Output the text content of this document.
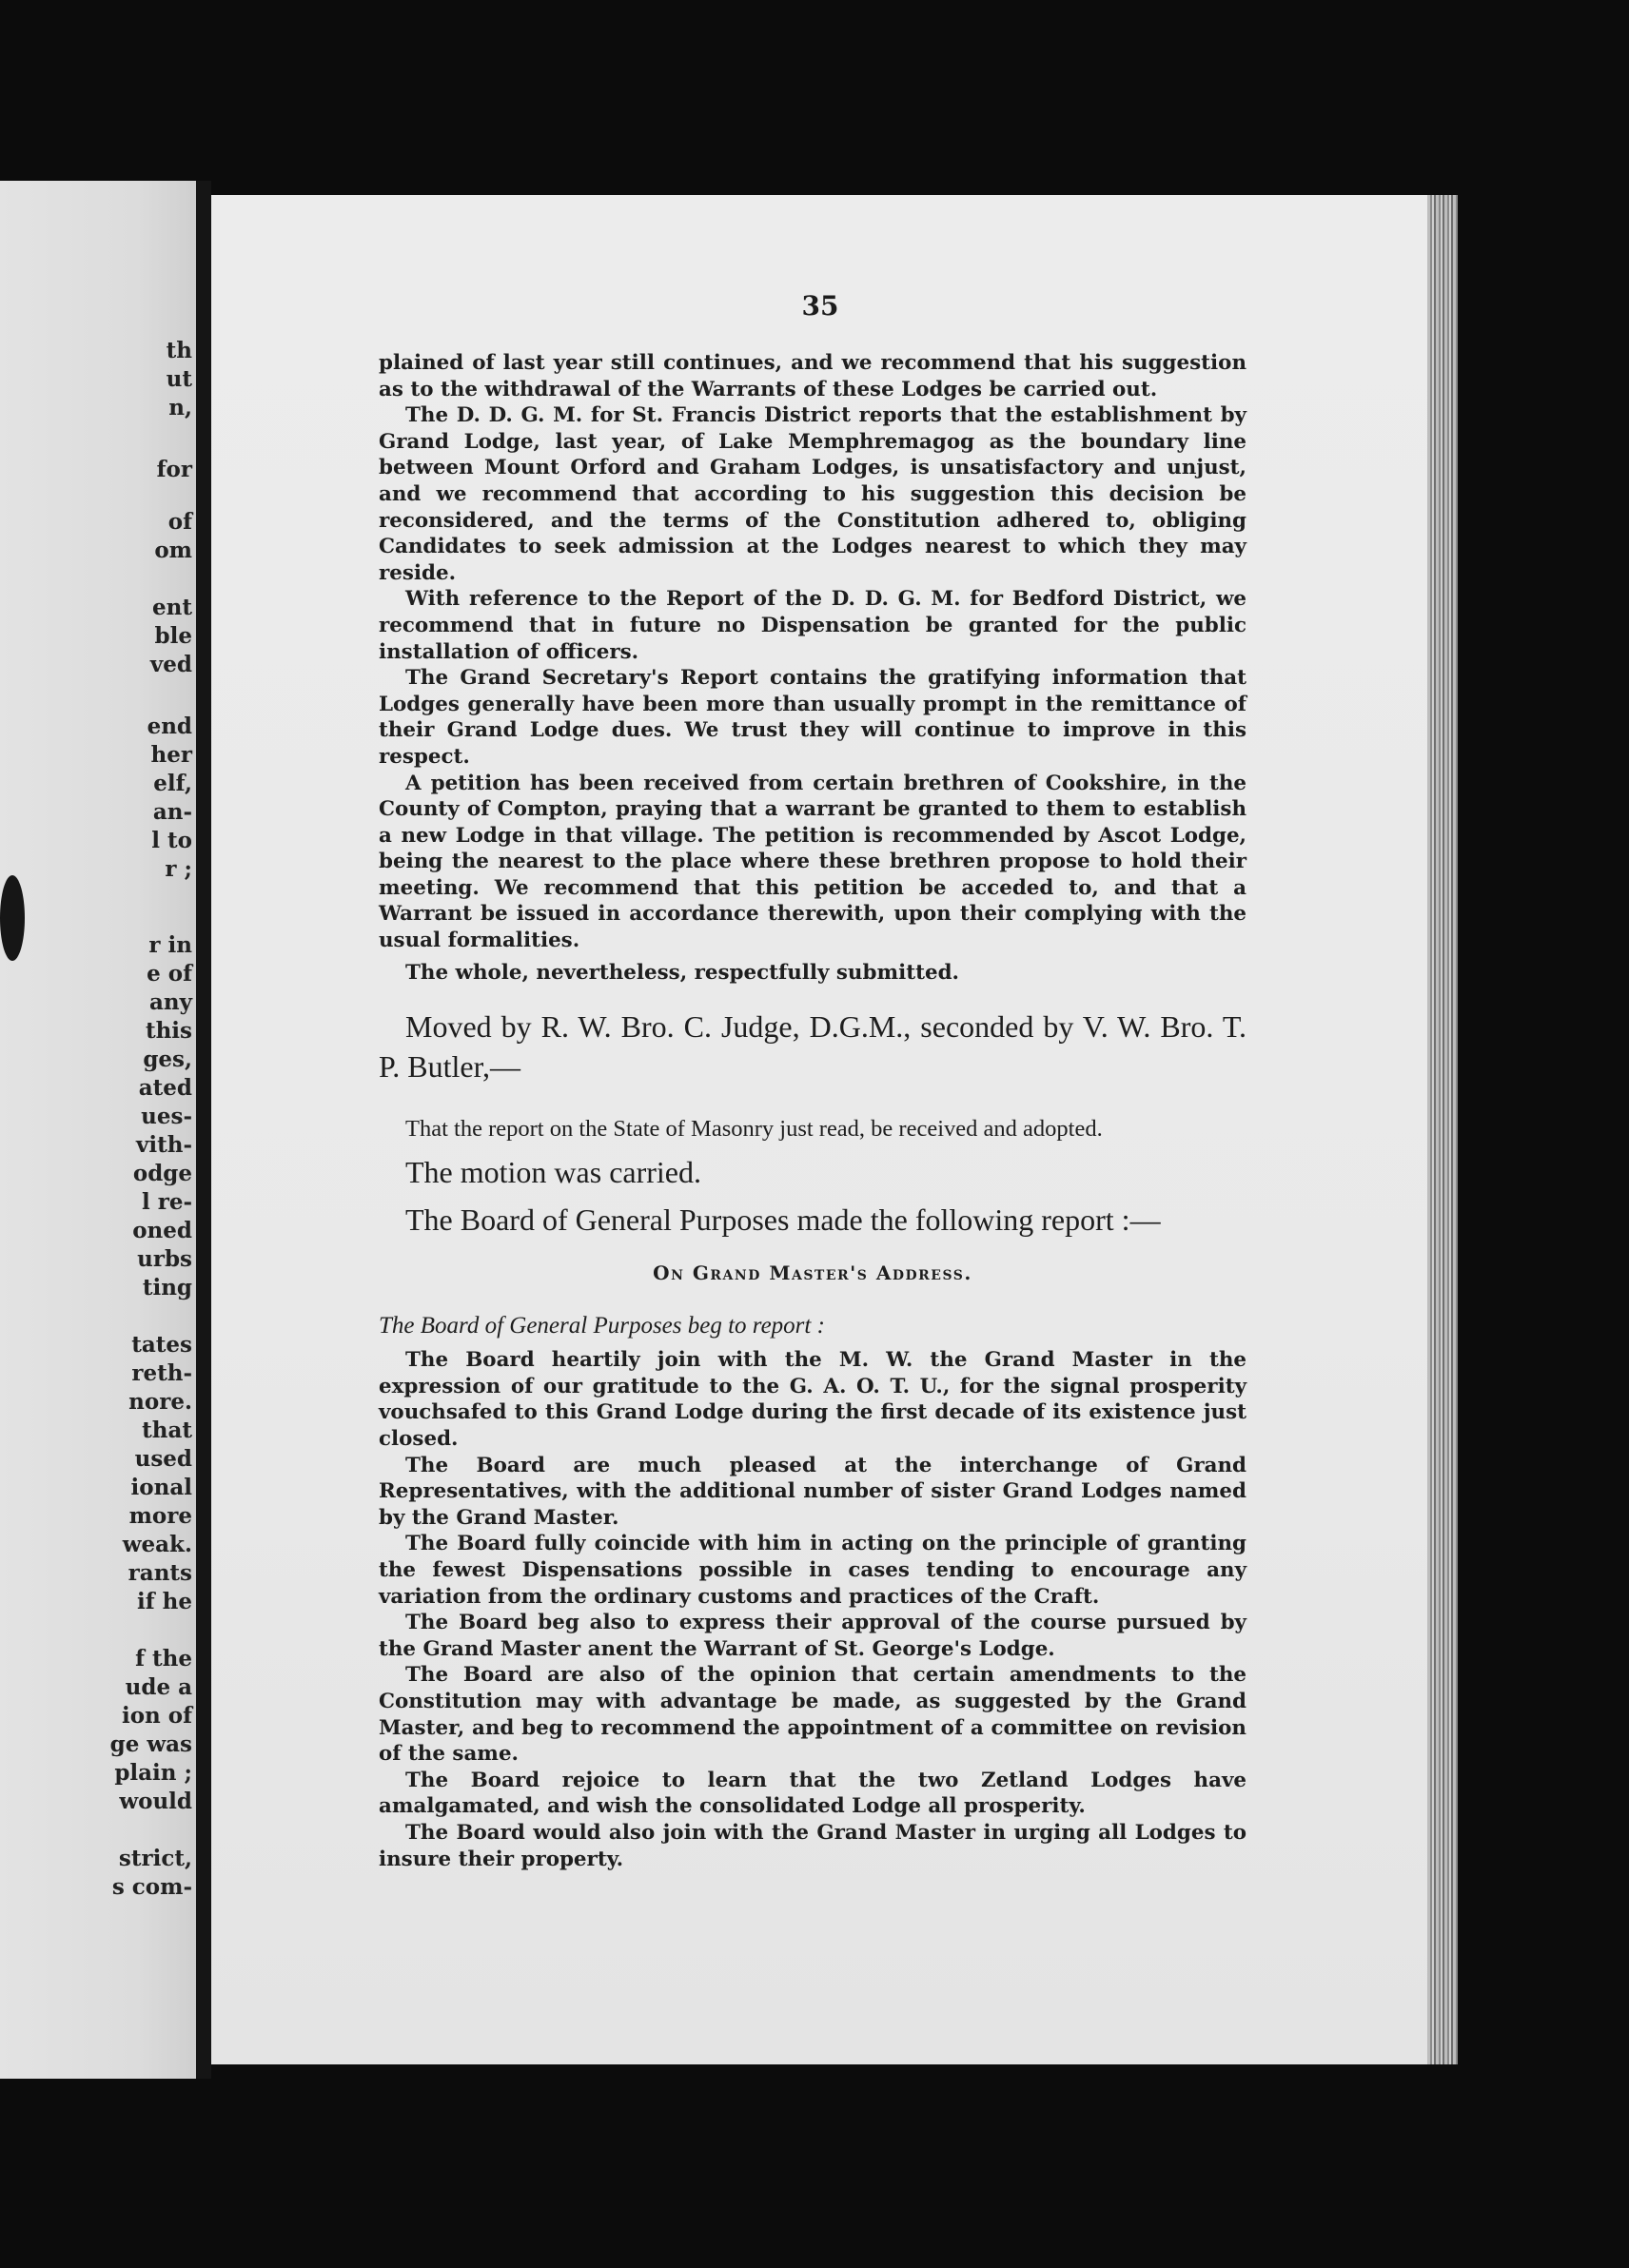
th

ut

n,

for

of

om

ent

ble

ved

end

her

elf,

an-

l to

r ;

r in

e of

any

this

ges,

ated

ues-

vith-

odge

l re-

oned

urbs

ting

tates

reth-

nore.

that

used

ional

more

weak.

rants

if he

f the

ude a

ion of

ge was

plain ;

would

strict,

s com-

35

plained of last year still continues, and we recommend that his suggestion as to the withdrawal of the Warrants of these Lodges be carried out.

The D. D. G. M. for St. Francis District reports that the establishment by Grand Lodge, last year, of Lake Memphremagog as the boundary line between Mount Orford and Graham Lodges, is unsatisfactory and unjust, and we recommend that according to his suggestion this decision be reconsidered, and the terms of the Constitution adhered to, obliging Candidates to seek admission at the Lodges nearest to which they may reside.

With reference to the Report of the D. D. G. M. for Bedford District, we recommend that in future no Dispensation be granted for the public installation of officers.

The Grand Secretary's Report contains the gratifying information that Lodges generally have been more than usually prompt in the remittance of their Grand Lodge dues. We trust they will continue to improve in this respect.

A petition has been received from certain brethren of Cookshire, in the County of Compton, praying that a warrant be granted to them to establish a new Lodge in that village. The petition is recommended by Ascot Lodge, being the nearest to the place where these brethren propose to hold their meeting. We recommend that this petition be acceded to, and that a Warrant be issued in accordance therewith, upon their complying with the usual formalities.

The whole, nevertheless, respectfully submitted.

Moved by R. W. Bro. C. Judge, D.G.M., seconded by V. W. Bro. T. P. Butler,—

That the report on the State of Masonry just read, be received and adopted.

The motion was carried.

The Board of General Purposes made the following report :—

On Grand Master's Address.

The Board of General Purposes beg to report :

The Board heartily join with the M. W. the Grand Master in the expression of our gratitude to the G. A. O. T. U., for the signal prosperity vouchsafed to this Grand Lodge during the first decade of its existence just closed.

The Board are much pleased at the interchange of Grand Representatives, with the additional number of sister Grand Lodges named by the Grand Master.

The Board fully coincide with him in acting on the principle of granting the fewest Dispensations possible in cases tending to encourage any variation from the ordinary customs and practices of the Craft.

The Board beg also to express their approval of the course pursued by the Grand Master anent the Warrant of St. George's Lodge.

The Board are also of the opinion that certain amendments to the Constitution may with advantage be made, as suggested by the Grand Master, and beg to recommend the appointment of a committee on revision of the same.

The Board rejoice to learn that the two Zetland Lodges have amalgamated, and wish the consolidated Lodge all prosperity.

The Board would also join with the Grand Master in urging all Lodges to insure their property.
